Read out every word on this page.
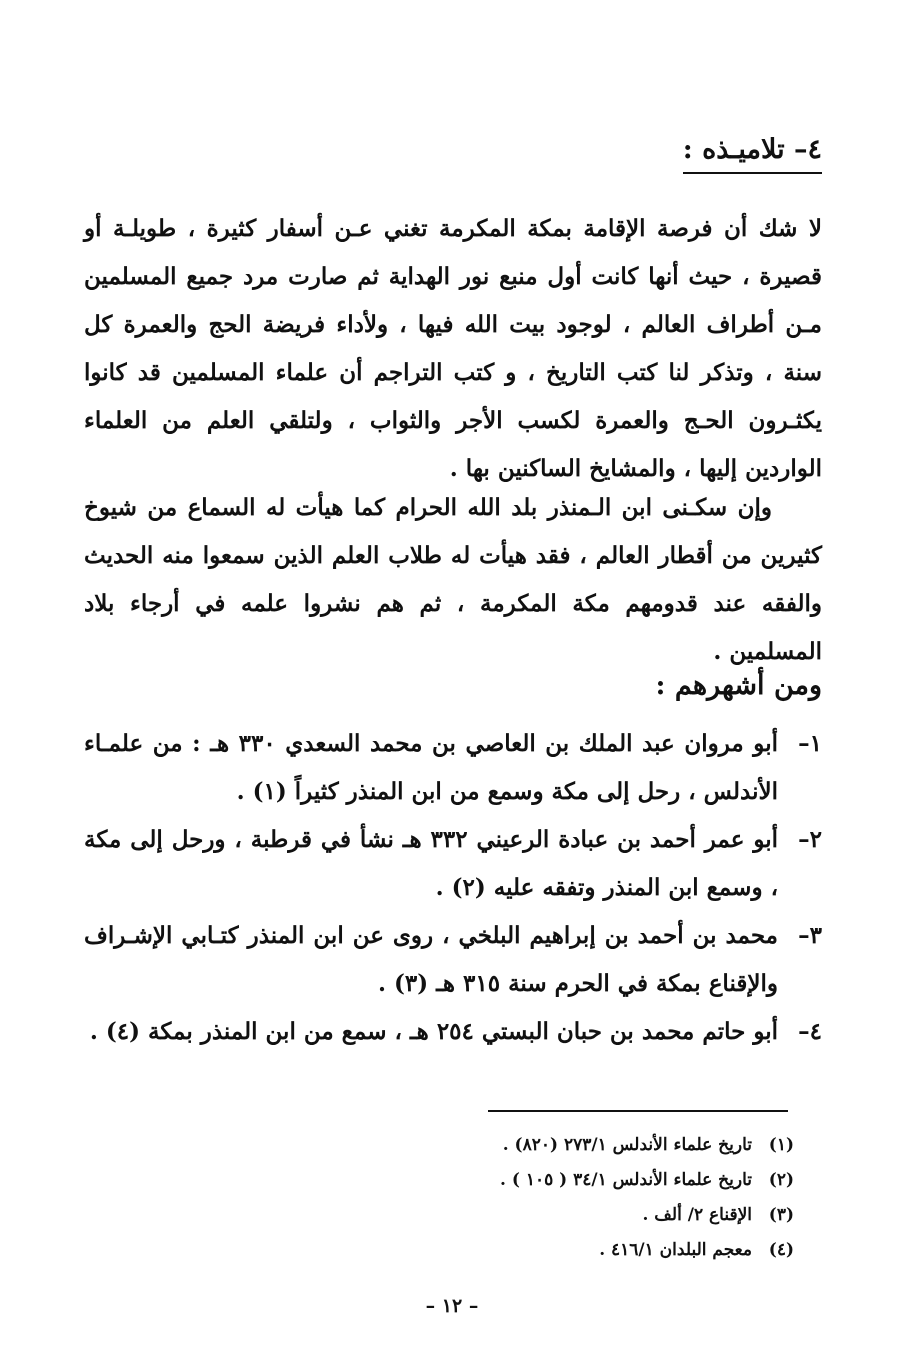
٤– تلاميـذه :
لا شك أن فرصة الإقامة بمكة المكرمة تغني عـن أسفار كثيرة ، طويلـة أو قصيرة ، حيث أنها كانت أول منبع نور الهداية ثم صارت مرد جميع المسلمين مـن أطراف العالم ، لوجود بيت الله فيها ، ولأداء فريضة الحج والعمرة كل سنة ، وتذكر لنا كتب التاريخ ، و كتب التراجم أن علماء المسلمين قد كانوا يكثـرون الحـج والعمرة لكسب الأجر والثواب ، ولتلقي العلم من العلماء الواردين إليها ، والمشايخ الساكنين بها .
وإن سكـنى ابن الـمنذر بلد الله الحرام كما هيأت له السماع من شيوخ كثيرين من أقطار العالم ، فقد هيأت له طلاب العلم الذين سمعوا منه الحديث والفقه عند قدومهم مكة المكرمة ، ثم هم نشروا علمه في أرجاء بلاد المسلمين .
ومن أشهرهم :
١–
أبو مروان عبد الملك بن العاصي بن محمد السعدي ٣٣٠ هـ : من علمـاء الأندلس ، رحل إلى مكة وسمع من ابن المنذر كثيراً (١) .
٢–
أبو عمر أحمد بن عبادة الرعيني ٣٣٢ هـ نشأ في قرطبة ، ورحل إلى مكة ، وسمع ابن المنذر وتفقه عليه (٢) .
٣–
محمد بن أحمد بن إبراهيم البلخي ، روى عن ابن المنذر كتـابي الإشـراف والإقناع بمكة في الحرم سنة ٣١٥ هـ (٣) .
٤–
أبو حاتم محمد بن حبان البستي ٢٥٤ هـ ، سمع من ابن المنذر بمكة (٤) .
(١)تاريخ علماء الأندلس ٢٧٣/١ (٨٢٠) .
(٢)تاريخ علماء الأندلس ٣٤/١ ( ١٠٥ ) .
(٣)الإقناع ٢/ ألف .
(٤)معجم البلدان ٤١٦/١ .
– ١٢ –
